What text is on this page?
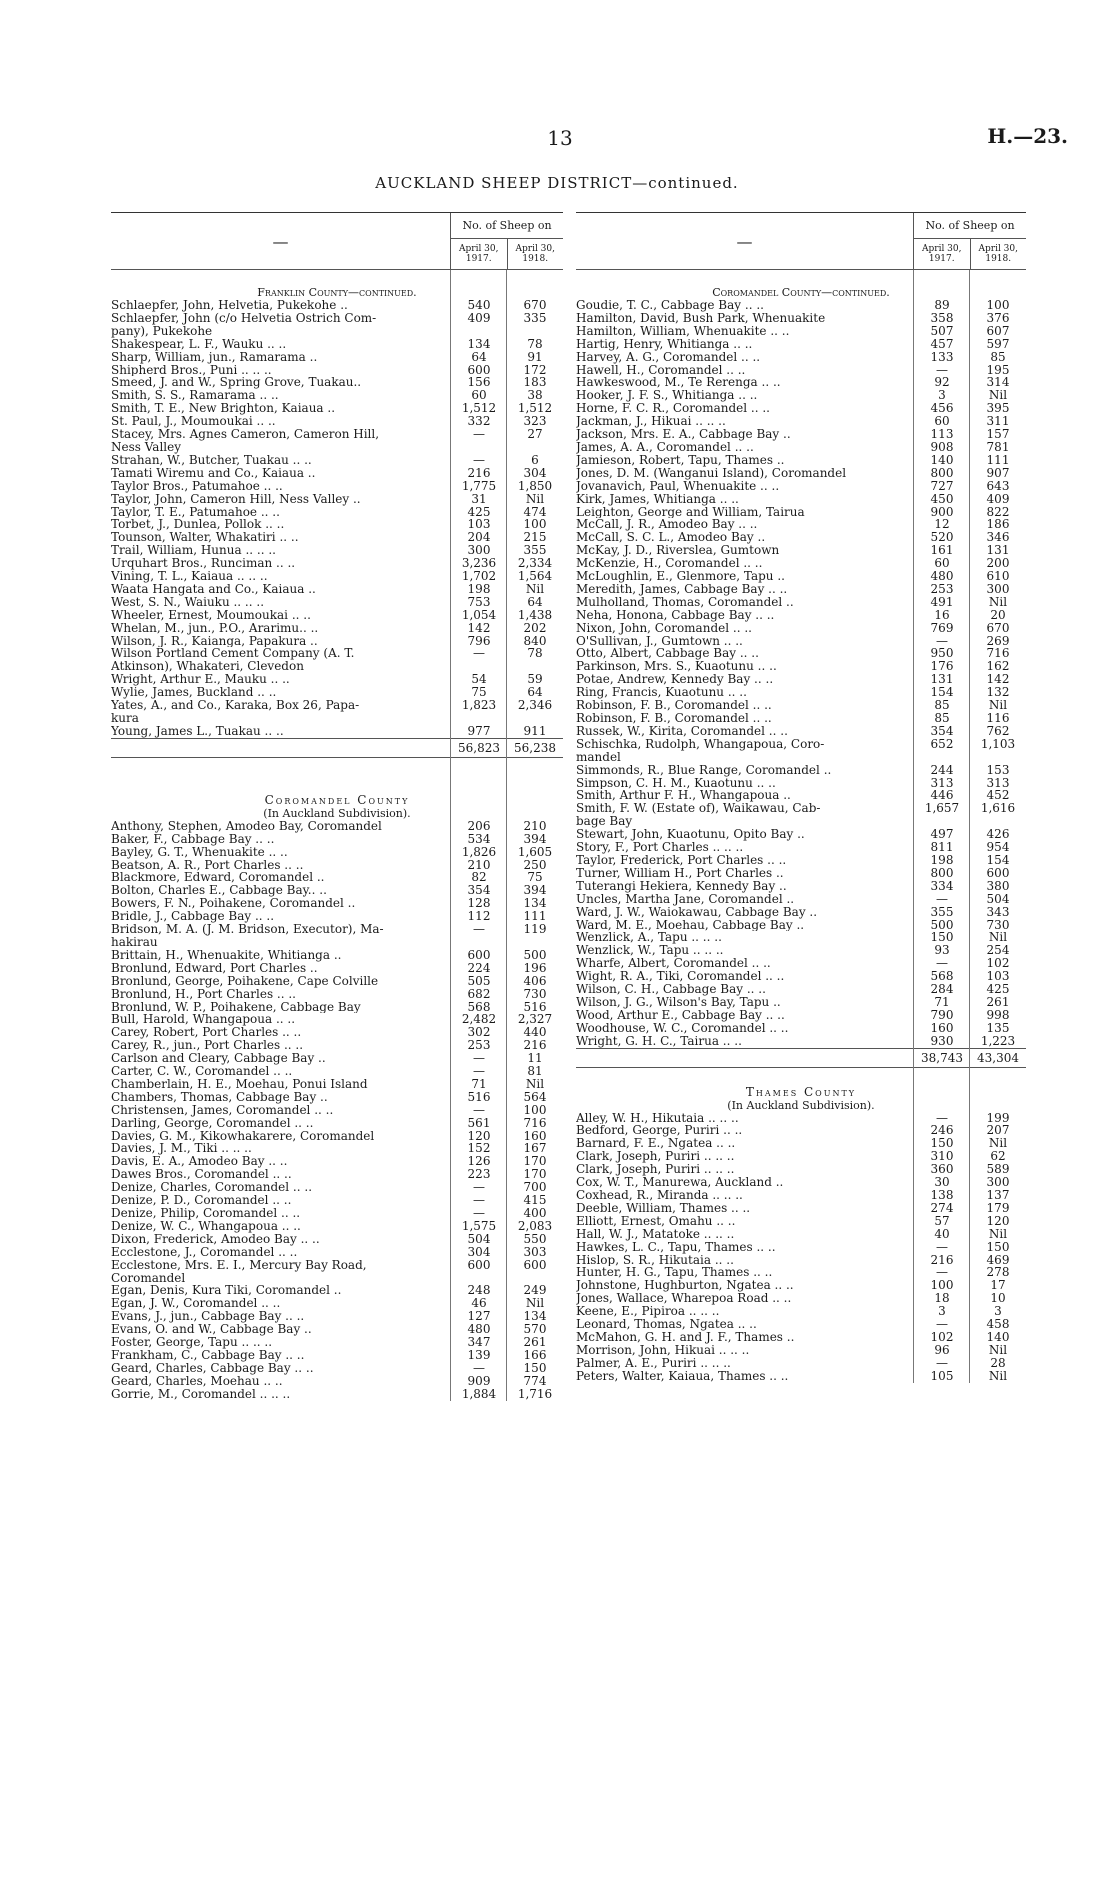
13	H.—23.
AUCKLAND SHEEP DISTRICT—continued.
—
No. of Sheep on
April 30,
1917.
April 30,
1918.
Franklin County—continued.
Schlaepfer, John, Helvetia, Pukekohe ..	540	670
Schlaepfer, John (c/o Helvetia Ostrich Com-	409	335
pany), Pukekohe
Shakespear, L. F., Wauku .. ..	134	78
Sharp, William, jun., Ramarama ..	64	91
Shipherd Bros., Puni .. .. ..	600	172
Smeed, J. and W., Spring Grove, Tuakau..	156	183
Smith, S. S., Ramarama .. ..	60	38
Smith, T. E., New Brighton, Kaiaua ..	1,512	1,512
St. Paul, J., Moumoukai .. ..	332	323
Stacey, Mrs. Agnes Cameron, Cameron Hill,	—	27
Ness Valley
Strahan, W., Butcher, Tuakau .. ..	—	6
Tamati Wiremu and Co., Kaiaua ..	216	304
Taylor Bros., Patumahoe .. ..	1,775	1,850
Taylor, John, Cameron Hill, Ness Valley ..	31	Nil
Taylor, T. E., Patumahoe .. ..	425	474
Torbet, J., Dunlea, Pollok .. ..	103	100
Tounson, Walter, Whakatiri .. ..	204	215
Trail, William, Hunua .. .. ..	300	355
Urquhart Bros., Runciman .. ..	3,236	2,334
Vining, T. L., Kaiaua .. .. ..	1,702	1,564
Waata Hangata and Co., Kaiaua ..	198	Nil
West, S. N., Waiuku .. .. ..	753	64
Wheeler, Ernest, Moumoukai .. ..	1,054	1,438
Whelan, M., jun., P.O., Ararimu.. ..	142	202
Wilson, J. R., Kaianga, Papakura ..	796	840
Wilson Portland Cement Company (A. T.	—	78
Atkinson), Whakateri, Clevedon
Wright, Arthur E., Mauku .. ..	54	59
Wylie, James, Buckland .. ..	75	64
Yates, A., and Co., Karaka, Box 26, Papa-	1,823	2,346
kura
Young, James L., Tuakau .. ..	977	911
56,823	56,238
Coromandel County
(In Auckland Subdivision).
Anthony, Stephen, Amodeo Bay, Coromandel	206	210
Baker, F., Cabbage Bay .. ..	534	394
Bayley, G. T., Whenuakite .. ..	1,826	1,605
Beatson, A. R., Port Charles .. ..	210	250
Blackmore, Edward, Coromandel ..	82	75
Bolton, Charles E., Cabbage Bay.. ..	354	394
Bowers, F. N., Poihakene, Coromandel ..	128	134
Bridle, J., Cabbage Bay .. ..	112	111
Bridson, M. A. (J. M. Bridson, Executor), Ma-	—	119
hakirau
Brittain, H., Whenuakite, Whitianga ..	600	500
Bronlund, Edward, Port Charles ..	224	196
Bronlund, George, Poihakene, Cape Colville	505	406
Bronlund, H., Port Charles .. ..	682	730
Bronlund, W. P., Poihakene, Cabbage Bay	568	516
Bull, Harold, Whangapoua .. ..	2,482	2,327
Carey, Robert, Port Charles .. ..	302	440
Carey, R., jun., Port Charles .. ..	253	216
Carlson and Cleary, Cabbage Bay ..	—	11
Carter, C. W., Coromandel .. ..	—	81
Chamberlain, H. E., Moehau, Ponui Island	71	Nil
Chambers, Thomas, Cabbage Bay ..	516	564
Christensen, James, Coromandel .. ..	—	100
Darling, George, Coromandel .. ..	561	716
Davies, G. M., Kikowhakarere, Coromandel	120	160
Davies, J. M., Tiki .. .. ..	152	167
Davis, E. A., Amodeo Bay .. ..	126	170
Dawes Bros., Coromandel .. ..	223	170
Denize, Charles, Coromandel .. ..	—	700
Denize, P. D., Coromandel .. ..	—	415
Denize, Philip, Coromandel .. ..	—	400
Denize, W. C., Whangapoua .. ..	1,575	2,083
Dixon, Frederick, Amodeo Bay .. ..	504	550
Ecclestone, J., Coromandel .. ..	304	303
Ecclestone, Mrs. E. I., Mercury Bay Road,	600	600
Coromandel
Egan, Denis, Kura Tiki, Coromandel ..	248	249
Egan, J. W., Coromandel .. ..	46	Nil
Evans, J., jun., Cabbage Bay .. ..	127	134
Evans, O. and W., Cabbage Bay ..	480	570
Foster, George, Tapu .. .. ..	347	261
Frankham, C., Cabbage Bay .. ..	139	166
Geard, Charles, Cabbage Bay .. ..	—	150
Geard, Charles, Moehau .. ..	909	774
Gorrie, M., Coromandel .. .. ..	1,884	1,716
—
No. of Sheep on
April 30,
1917.
April 30,
1918.
Coromandel County—continued.
Goudie, T. C., Cabbage Bay .. ..	89	100
Hamilton, David, Bush Park, Whenuakite	358	376
Hamilton, William, Whenuakite .. ..	507	607
Hartig, Henry, Whitianga .. ..	457	597
Harvey, A. G., Coromandel .. ..	133	85
Hawell, H., Coromandel .. ..	—	195
Hawkeswood, M., Te Rerenga .. ..	92	314
Hooker, J. F. S., Whitianga .. ..	3	Nil
Horne, F. C. R., Coromandel .. ..	456	395
Jackman, J., Hikuai .. .. ..	60	311
Jackson, Mrs. E. A., Cabbage Bay ..	113	157
James, A. A., Coromandel .. ..	908	781
Jamieson, Robert, Tapu, Thames ..	140	111
Jones, D. M. (Wanganui Island), Coromandel	800	907
Jovanavich, Paul, Whenuakite .. ..	727	643
Kirk, James, Whitianga .. ..	450	409
Leighton, George and William, Tairua	900	822
McCall, J. R., Amodeo Bay .. ..	12	186
McCall, S. C. L., Amodeo Bay ..	520	346
McKay, J. D., Riverslea, Gumtown	161	131
McKenzie, H., Coromandel .. ..	60	200
McLoughlin, E., Glenmore, Tapu ..	480	610
Meredith, James, Cabbage Bay .. ..	253	300
Mulholland, Thomas, Coromandel ..	491	Nil
Neha, Honona, Cabbage Bay .. ..	16	20
Nixon, John, Coromandel .. ..	769	670
O'Sullivan, J., Gumtown .. ..	—	269
Otto, Albert, Cabbage Bay .. ..	950	716
Parkinson, Mrs. S., Kuaotunu .. ..	176	162
Potae, Andrew, Kennedy Bay .. ..	131	142
Ring, Francis, Kuaotunu .. ..	154	132
Robinson, F. B., Coromandel .. ..	85	Nil
Robinson, F. B., Coromandel .. ..	85	116
Russek, W., Kirita, Coromandel .. ..	354	762
Schischka, Rudolph, Whangapoua, Coro-	652	1,103
mandel
Simmonds, R., Blue Range, Coromandel ..	244	153
Simpson, C. H. M., Kuaotunu .. ..	313	313
Smith, Arthur F. H., Whangapoua ..	446	452
Smith, F. W. (Estate of), Waikawau, Cab-	1,657	1,616
bage Bay
Stewart, John, Kuaotunu, Opito Bay ..	497	426
Story, F., Port Charles .. .. ..	811	954
Taylor, Frederick, Port Charles .. ..	198	154
Turner, William H., Port Charles ..	800	600
Tuterangi Hekiera, Kennedy Bay ..	334	380
Uncles, Martha Jane, Coromandel ..	—	504
Ward, J. W., Waiokawau, Cabbage Bay ..	355	343
Ward, M. E., Moehau, Cabbage Bay ..	500	730
Wenzlick, A., Tapu .. .. ..	150	Nil
Wenzlick, W., Tapu .. .. ..	93	254
Wharfe, Albert, Coromandel .. ..	—	102
Wight, R. A., Tiki, Coromandel .. ..	568	103
Wilson, C. H., Cabbage Bay .. ..	284	425
Wilson, J. G., Wilson's Bay, Tapu ..	71	261
Wood, Arthur E., Cabbage Bay .. ..	790	998
Woodhouse, W. C., Coromandel .. ..	160	135
Wright, G. H. C., Tairua .. ..	930	1,223
38,743	43,304
Thames County
(In Auckland Subdivision).
Alley, W. H., Hikutaia .. .. ..	—	199
Bedford, George, Puriri .. ..	246	207
Barnard, F. E., Ngatea .. ..	150	Nil
Clark, Joseph, Puriri .. .. ..	310	62
Clark, Joseph, Puriri .. .. ..	360	589
Cox, W. T., Manurewa, Auckland ..	30	300
Coxhead, R., Miranda .. .. ..	138	137
Deeble, William, Thames .. ..	274	179
Elliott, Ernest, Omahu .. ..	57	120
Hall, W. J., Matatoke .. .. ..	40	Nil
Hawkes, L. C., Tapu, Thames .. ..	—	150
Hislop, S. R., Hikutaia .. ..	216	469
Hunter, H. G., Tapu, Thames .. ..	—	278
Johnstone, Hughburton, Ngatea .. ..	100	17
Jones, Wallace, Wharepoa Road .. ..	18	10
Keene, E., Pipiroa .. .. ..	3	3
Leonard, Thomas, Ngatea .. ..	—	458
McMahon, G. H. and J. F., Thames ..	102	140
Morrison, John, Hikuai .. .. ..	96	Nil
Palmer, A. E., Puriri .. .. ..	—	28
Peters, Walter, Kaiaua, Thames .. ..	105	Nil
